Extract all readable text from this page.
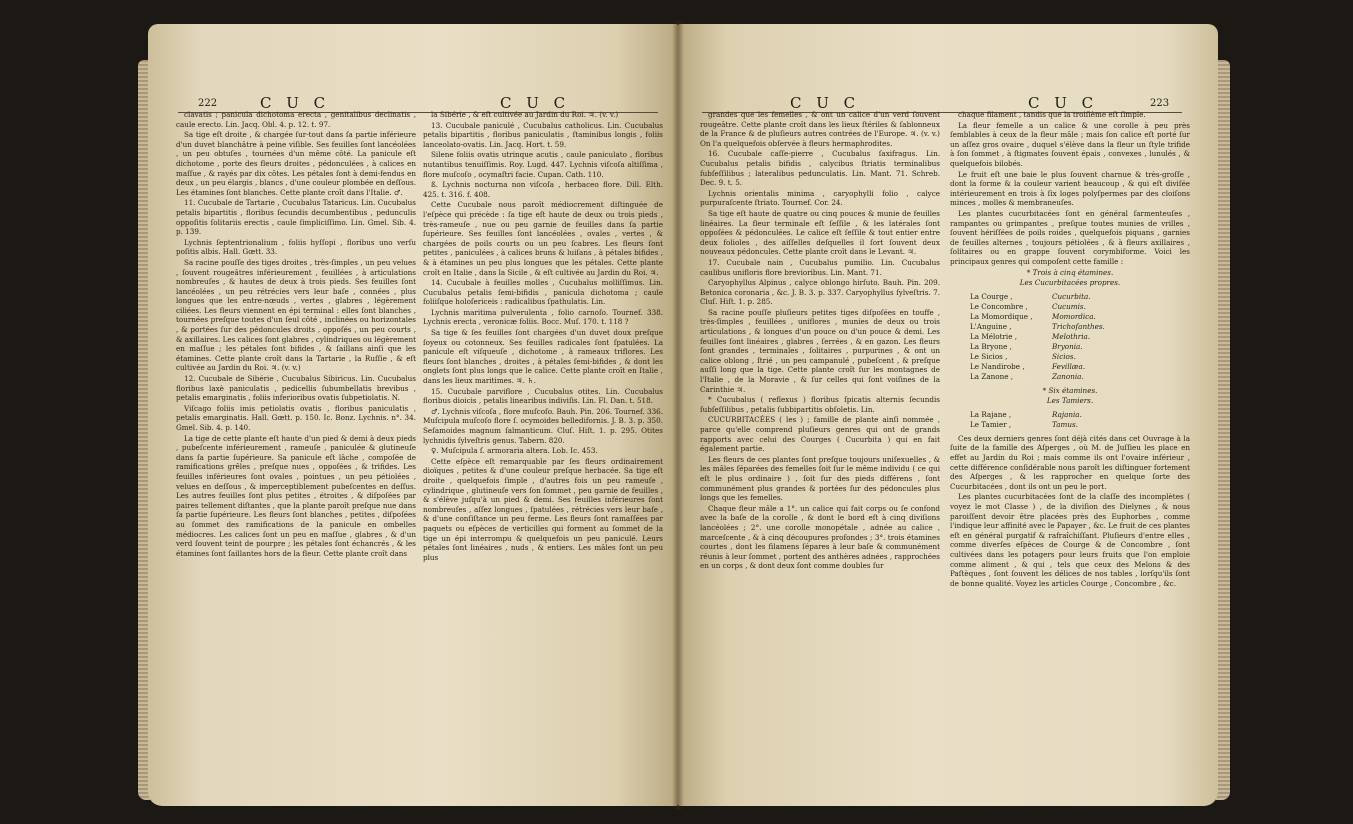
222	C U C	C U C

clavatis ; panicula dichotoma erecta , genitalibus declinatis , caule erecto. Lin. Jacq. Obl. 4. p. 12. t. 97.

Sa tige eſt droite , & chargée ſur-tout dans ſa partie inférieure d'un duvet blanchâtre à peine viſible. Ses feuilles ſont lancéolées , un peu obtuſes , tournées d'un même côté. La panicule eſt dichotome , porte des fleurs droites , pédonculées , à calices en maſſue , & rayés par dix côtes. Les pétales ſont à demi-fendus en deux , un peu élargis , blancs , d'une couleur plombée en deſſous. Les étamines ſont blanches. Cette plante croît dans l'Italie. ♂.

11. Cucubale de Tartarie , Cucubalus Tataricus. Lin. Cucubalus petalis bipartitis , floribus ſecundis decumbentibus , pedunculis oppoſitis ſolitariis erectis , caule ſimpliciſſimo. Lin. Gmel. Sib. 4. p. 139.

Lychnis ſeptentrionalium , foliis hyſſopi , floribus uno verſu poſitis albis. Hall. Gœtt. 33.

Sa racine pouſſe des tiges droites , très-ſimples , un peu velues , ſouvent rougeâtres inférieurement , feuillées , à articulations nombreuſes , & hautes de deux à trois pieds. Ses feuilles ſont lancéolées , un peu rétrécies vers leur baſe , connées , plus longues que les entre-nœuds , vertes , glabres , légèrement ciliées. Les fleurs viennent en épi terminal : elles ſont blanches , tournées preſque toutes d'un ſeul côté , inclinées ou horizontales , & portées ſur des pédoncules droits , oppoſés , un peu courts , & axillaires. Les calices ſont glabres , cylindriques ou légèrement en maſſue ; les pétales ſont bifides , & ſaillans ainſi que les étamines. Cette plante croît dans la Tartarie , la Ruſſie , & eſt cultivée au Jardin du Roi. ♃. (v. v.)

12. Cucubale de Sibérie , Cucubalus Sibiricus. Lin. Cucubalus floribus laxè paniculatis , pedicellis ſubumbellatis brevibus , petalis emarginatis , foliis inferioribus ovatis ſubpetiolatis. N.

Viſcago foliis imis petiolatis ovatis , floribus paniculatis , petalis emarginatis. Hall. Gœtt. p. 150. Ic. Bonz. Lychnis. n°. 34. Gmel. Sib. 4. p. 140.

La tige de cette plante eſt haute d'un pied & demi à deux pieds , pubeſcente inférieurement , rameuſe , paniculée & glutineuſe dans ſa partie ſupérieure. Sa panicule eſt lâche , compoſée de ramifications grêles , preſque nues , oppoſées , & trifides. Les feuilles inférieures ſont ovales , pointues , un peu pétiolées , velues en deſſous , & imperceptiblement pubeſcentes en deſſus. Les autres feuilles ſont plus petites , étroites , & diſpoſées par paires tellement diſtantes , que la plante paroît preſque nue dans ſa partie ſupérieure. Les fleurs ſont blanches , petites , diſpoſées au ſommet des ramifications de la panicule en ombelles médiocres. Les calices ſont un peu en maſſue , glabres , & d'un verd ſouvent teint de pourpre ; les pétales ſont échancrés , & les étamines ſont ſaillantes hors de la fleur. Cette plante croît dans

la Sibérie , & eſt cultivée au Jardin du Roi. ♃. (v. v.)

13. Cucubale paniculé , Cucubalus catholicus. Lin. Cucubalus petalis bipartitis , floribus paniculatis , ſtaminibus longis , foliis lanceolato-ovatis. Lin. Jacq. Hort. t. 59.

Silene foliis ovatis utrinque acutis , caule paniculato , floribus nutantibus tenuiſſimis. Roy. Lugd. 447. Lychnis viſcoſa altiſſima , flore muſcoſo , ocymaſtri facie. Cupan. Cath. 110.

ß. Lychnis nocturna non viſcoſa , herbaceo flore. Dill. Elth. 425. t. 316. f. 408.

Cette Cucubale nous paroît médiocrement diſtinguée de l'eſpèce qui précède : ſa tige eſt haute de deux ou trois pieds , très-rameuſe , nue ou peu garnie de feuilles dans ſa partie ſupérieure. Ses feuilles ſont lancéolées , ovales , vertes , & chargées de poils courts ou un peu ſcabres. Les fleurs ſont petites , paniculées , à calices bruns & luiſans , à pétales bifides , & à étamines un peu plus longues que les pétales. Cette plante croît en Italie , dans la Sicile , & eſt cultivée au Jardin du Roi. ♃.

14. Cucubale à feuilles molles , Cucubalus molliſſimus. Lin. Cucubalus petalis ſemi-bifidis , panicula dichotoma ; caule foliiſque holoſericeis : radicalibus ſpathulatis. Lin.

Lychnis maritima pulverulenta , folio carnoſo. Tournef. 338. Lychnis erecta , veronicæ foliis. Bocc. Muſ. 170. t. 118 ?

Sa tige & ſes feuilles ſont chargées d'un duvet doux preſque ſoyeux ou cotonneux. Ses feuilles radicales ſont ſpatulées. La panicule eſt viſqueuſe , dichotome , à rameaux triflores. Les fleurs ſont blanches , droites , à pétales ſemi-bifides , & dont les onglets ſont plus longs que le calice. Cette plante croît en Italie , dans les lieux maritimes. ♃. ♄.

15. Cucubale parviflore , Cucubalus otites. Lin. Cucubalus floribus dioicis , petalis linearibus indiviſis. Lin. Fl. Dan. t. 518.

♂. Lychnis viſcoſa , flore muſcoſo. Bauh. Pin. 206. Tournef. 336. Muſcipula muſcoſo flore ſ. ocymoides belledifornis. J. B. 3. p. 350. Seſamoides magnum ſalmanticum. Cluſ. Hiſt. 1. p. 295. Otites lychnidis ſylveſtris genus. Tabern. 820.

♀. Muſcipula ſ. armoraria altera. Lob. Ic. 453.

Cette eſpèce eſt remarquable par ſes fleurs ordinairement dioïques , petites & d'une couleur preſque herbacée. Sa tige eſt droite , quelquefois ſimple , d'autres fois un peu rameuſe , cylindrique , glutineuſe vers ſon ſommet , peu garnie de feuilles , & s'élève juſqu'à un pied & demi. Ses feuilles inférieures ſont nombreuſes , aſſez longues , ſpatulées , rétrécies vers leur baſe , & d'une conſiſtance un peu ferme. Les fleurs ſont ramaſſées par paquets ou eſpèces de verticilles qui forment au ſommet de la tige un épi interrompu & quelquefois un peu paniculé. Leurs pétales ſont linéaires , nuds , & entiers. Les mâles ſont un peu plus

C U C	C U C	223

grandes que les femelles , & ont un calice d'un verd ſouvent rougeâtre. Cette plante croît dans les lieux ſtériles & ſablonneux de la France & de pluſieurs autres contrées de l'Europe. ♃. (v. v.) On l'a quelquefois obſervée à fleurs hermaphrodites.

16. Cucubale caſſe-pierre , Cucubalus ſaxifragus. Lin. Cucubalus petalis bifidis , calycibus ſtriatis terminalibus ſubſeſſilibus ; lateralibus pedunculatis. Lin. Mant. 71. Schreb. Dec. 9. t. 5.

Lychnis orientalis minima , caryophylli folio , calyce purpuraſcente ſtriato. Tournef. Cor. 24.

Sa tige eſt haute de quatre ou cinq pouces & munie de feuilles linéaires. La fleur terminale eſt ſeſſile , & les latérales ſont oppoſées & pédonculées. Le calice eſt ſeſſile & tout entier entre deux folioles , des aiſſelles deſquelles il ſort ſouvent deux nouveaux pédoncules. Cette plante croît dans le Levant. ♃.

17. Cucubale nain , Cucubalus pumilio. Lin. Cucubalus caulibus unifloris flore brevioribus. Lin. Mant. 71.

Caryophyllus Alpinus , calyce oblongo hirſuto. Bauh. Pin. 209. Betonica coronaria , &c. J. B. 3. p. 337. Caryophyllus ſylveſtris. 7. Cluſ. Hiſt. 1. p. 285.

Sa racine pouſſe pluſieurs petites tiges diſpoſées en touffe , très-ſimples , feuillées , uniflores , munies de deux ou trois articulations , & longues d'un pouce ou d'un pouce & demi. Les feuilles ſont linéaires , glabres , ſerrées , & en gazon. Les fleurs ſont grandes , terminales , ſolitaires , purpurines , & ont un calice oblong , ſtrié , un peu campanulé , pubeſcent , & preſque auſſi long que la tige. Cette plante croît ſur les montagnes de l'Italie , de la Moravie , & ſur celles qui ſont voiſines de la Carinthie ♃.

* Cucubalus ( reflexus ) floribus ſpicatis alternis ſecundis ſubſeſſilibus , petalis ſubbipartitis obſoletis. Lin.

CUCURBITACÉES ( les ) ; famille de plante ainſi nommée , parce qu'elle comprend pluſieurs genres qui ont de grands rapports avec celui des Courges ( Cucurbita ) qui en fait également partie.

Les fleurs de ces plantes ſont preſque toujours uniſexuelles , & les mâles ſéparées des femelles ſoit ſur le même individu ( ce qui eſt le plus ordinaire ) , ſoit ſur des pieds différens , ſont communément plus grandes & portées ſur des pédoncules plus longs que les femelles.

Chaque fleur mâle a 1°. un calice qui fait corps ou ſe confond avec la baſe de la corolle , & dont le bord eſt à cinq diviſions lancéolées ; 2°. une corolle monopétale , adnée au calice , marceſcente , & à cinq découpures profondes ; 3°. trois étamines courtes , dont les filamens ſépares à leur baſe & communément réunis à leur ſommet , portent des anthères adnées , rapprochées en un corps , & dont deux ſont comme doubles ſur

chaque filament , tandis que la troiſième eſt ſimple.

La fleur femelle a un calice & une corolle à peu près ſemblables à ceux de la fleur mâle ; mais ſon calice eſt porté ſur un aſſez gros ovaire , duquel s'élève dans la fleur un ſtyle trifide à ſon ſommet , à ſtigmates ſouvent épais , convexes , lunulés , & quelquefois bilobés.

Le fruit eſt une baie le plus ſouvent charnue & très-groſſe , dont la forme & la couleur varient beaucoup , & qui eſt diviſée intérieurement en trois à ſix loges polyſpermes par des cloiſons minces , molles & membraneuſes.

Les plantes cucurbitacées ſont en général ſarmenteuſes , rampantes ou grimpantes , preſque toutes munies de vrilles , ſouvent hériſſées de poils roides , quelquefois piquans , garnies de feuilles alternes , toujours pétiolées , & à fleurs axillaires , ſolitaires ou en grappe ſouvent corymbiforme. Voici les principaux genres qui compoſent cette famille :

* Trois à cinq étamines.

Les Cucurbitacées propres.

La Courge ,	Cucurbita.
Le Concombre ,	Cucumis.
La Momordique ,	Momordica.
L'Anguine ,	Trichoſanthes.
La Mélotrie ,	Melothria.
La Bryone ,	Bryonia.
Le Sicios ,	Sicios.
Le Nandirobe ,	Fevillæa.
La Zanone ,	Zanonia.

* Six étamines.

Les Tamiers.

La Rajane ,	Rajania.
Le Tamier ,	Tamus.

Ces deux derniers genres ſont déjà cités dans cet Ouvrage à la ſuite de la famille des Aſperges , où M. de Juſſieu les place en effet au Jardin du Roi ; mais comme ils ont l'ovaire inférieur , cette différence conſidérable nous paroît les diſtinguer fortement des Aſperges , & les rapprocher en quelque ſorte des Cucurbitacées , dont ils ont un peu le port.

Les plantes cucurbitacées ſont de la claſſe des incomplètes ( voyez le mot Classe ) , de la diviſion des Dielynes , & nous paroiſſent devoir être placées près des Euphorbes , comme l'indique leur affinité avec le Papayer , &c. Le fruit de ces plantes eſt en général purgatif & rafraîchiſſant. Pluſieurs d'entre elles , comme diverſes eſpèces de Courge & de Concombre , ſont cultivées dans les potagers pour leurs fruits que l'on emploie comme aliment , & qui , tels que ceux des Melons & des Paſtèques , ſont ſouvent les délices de nos tables , lorſqu'ils ſont de bonne qualité. Voyez les articles Courge , Concombre , &c.
